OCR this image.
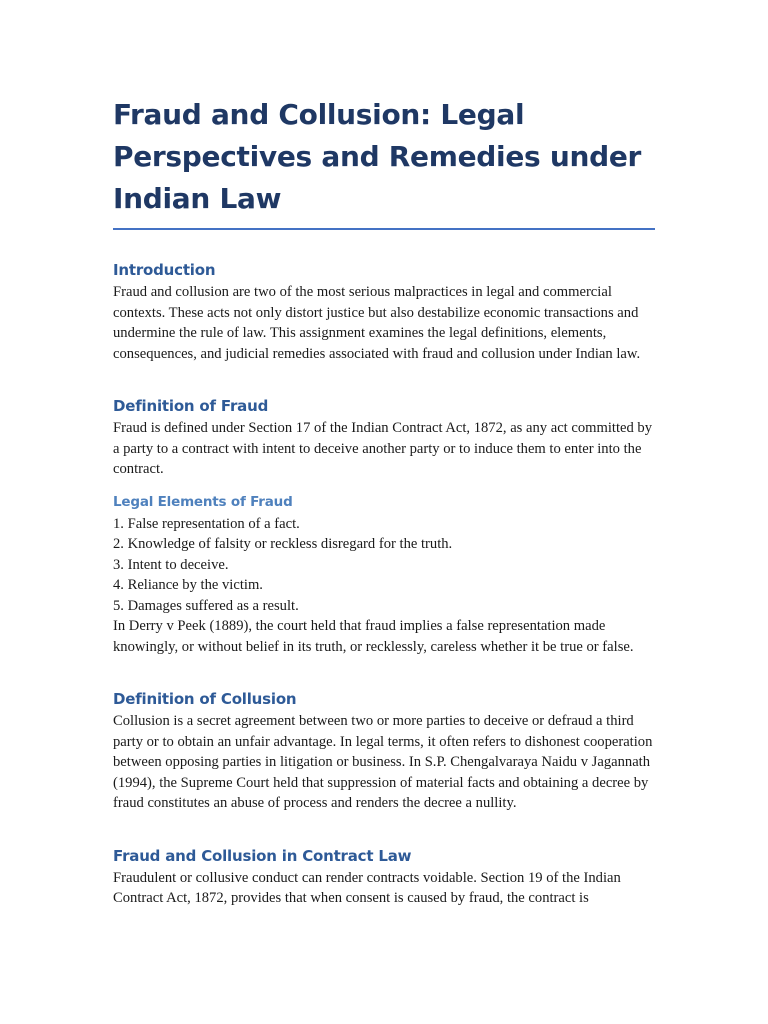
Fraud and Collusion: Legal Perspectives and Remedies under Indian Law
Introduction

Fraud and collusion are two of the most serious malpractices in legal and commercial contexts. These acts not only distort justice but also destabilize economic transactions and undermine the rule of law. This assignment examines the legal definitions, elements, consequences, and judicial remedies associated with fraud and collusion under Indian law.

Definition of Fraud

Fraud is defined under Section 17 of the Indian Contract Act, 1872, as any act committed by a party to a contract with intent to deceive another party or to induce them to enter into the contract.

Legal Elements of Fraud
1. False representation of a fact.
2. Knowledge of falsity or reckless disregard for the truth.
3. Intent to deceive.
4. Reliance by the victim.
5. Damages suffered as a result.

In Derry v Peek (1889), the court held that fraud implies a false representation made knowingly, or without belief in its truth, or recklessly, careless whether it be true or false.

Definition of Collusion

Collusion is a secret agreement between two or more parties to deceive or defraud a third party or to obtain an unfair advantage. In legal terms, it often refers to dishonest cooperation between opposing parties in litigation or business. In S.P. Chengalvaraya Naidu v Jagannath (1994), the Supreme Court held that suppression of material facts and obtaining a decree by fraud constitutes an abuse of process and renders the decree a nullity.

Fraud and Collusion in Contract Law

Fraudulent or collusive conduct can render contracts voidable. Section 19 of the Indian Contract Act, 1872, provides that when consent is caused by fraud, the contract is
